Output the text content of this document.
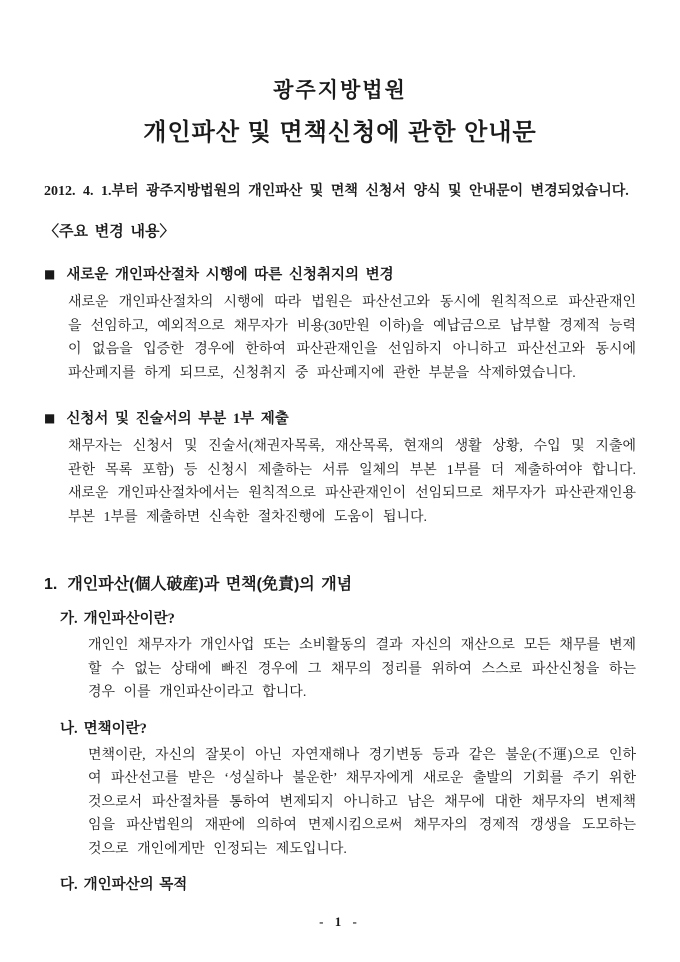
광주지방법원
개인파산 및 면책신청에 관한 안내문

2012. 4. 1.부터 광주지방법원의 개인파산 및 면책 신청서 양식 및 안내문이 변경되었습니다.

〈주요 변경 내용〉
■ 새로운 개인파산절차 시행에 따른 신청취지의 변경

새로운 개인파산절차의 시행에 따라 법원은 파산선고와 동시에 원칙적으로 파산관재인을 선임하고, 예외적으로 채무자가 비용(30만원 이하)을 예납금으로 납부할 경제적 능력이 없음을 입증한 경우에 한하여 파산관재인을 선임하지 아니하고 파산선고와 동시에 파산폐지를 하게 되므로, 신청취지 중 파산폐지에 관한 부분을 삭제하였습니다.

■ 신청서 및 진술서의 부분 1부 제출

채무자는 신청서 및 진술서(채권자목록, 재산목록, 현재의 생활 상황, 수입 및 지출에 관한 목록 포함) 등 신청시 제출하는 서류 일체의 부본 1부를 더 제출하여야 합니다. 새로운 개인파산절차에서는 원칙적으로 파산관재인이 선임되므로 채무자가 파산관재인용 부본 1부를 제출하면 신속한 절차진행에 도움이 됩니다.

1. 개인파산(個人破産)과 면책(免責)의 개념
가. 개인파산이란?

개인인 채무자가 개인사업 또는 소비활동의 결과 자신의 재산으로 모든 채무를 변제할 수 없는 상태에 빠진 경우에 그 채무의 정리를 위하여 스스로 파산신청을 하는 경우 이를 개인파산이라고 합니다.

나. 면책이란?

면책이란, 자신의 잘못이 아닌 자연재해나 경기변동 등과 같은 불운(不運)으로 인하여 파산선고를 받은 ‘성실하나 불운한’ 채무자에게 새로운 출발의 기회를 주기 위한 것으로서 파산절차를 통하여 변제되지 아니하고 남은 채무에 대한 채무자의 변제책임을 파산법원의 재판에 의하여 면제시킴으로써 채무자의 경제적 갱생을 도모하는 것으로 개인에게만 인정되는 제도입니다.

다. 개인파산의 목적
- 1 -
